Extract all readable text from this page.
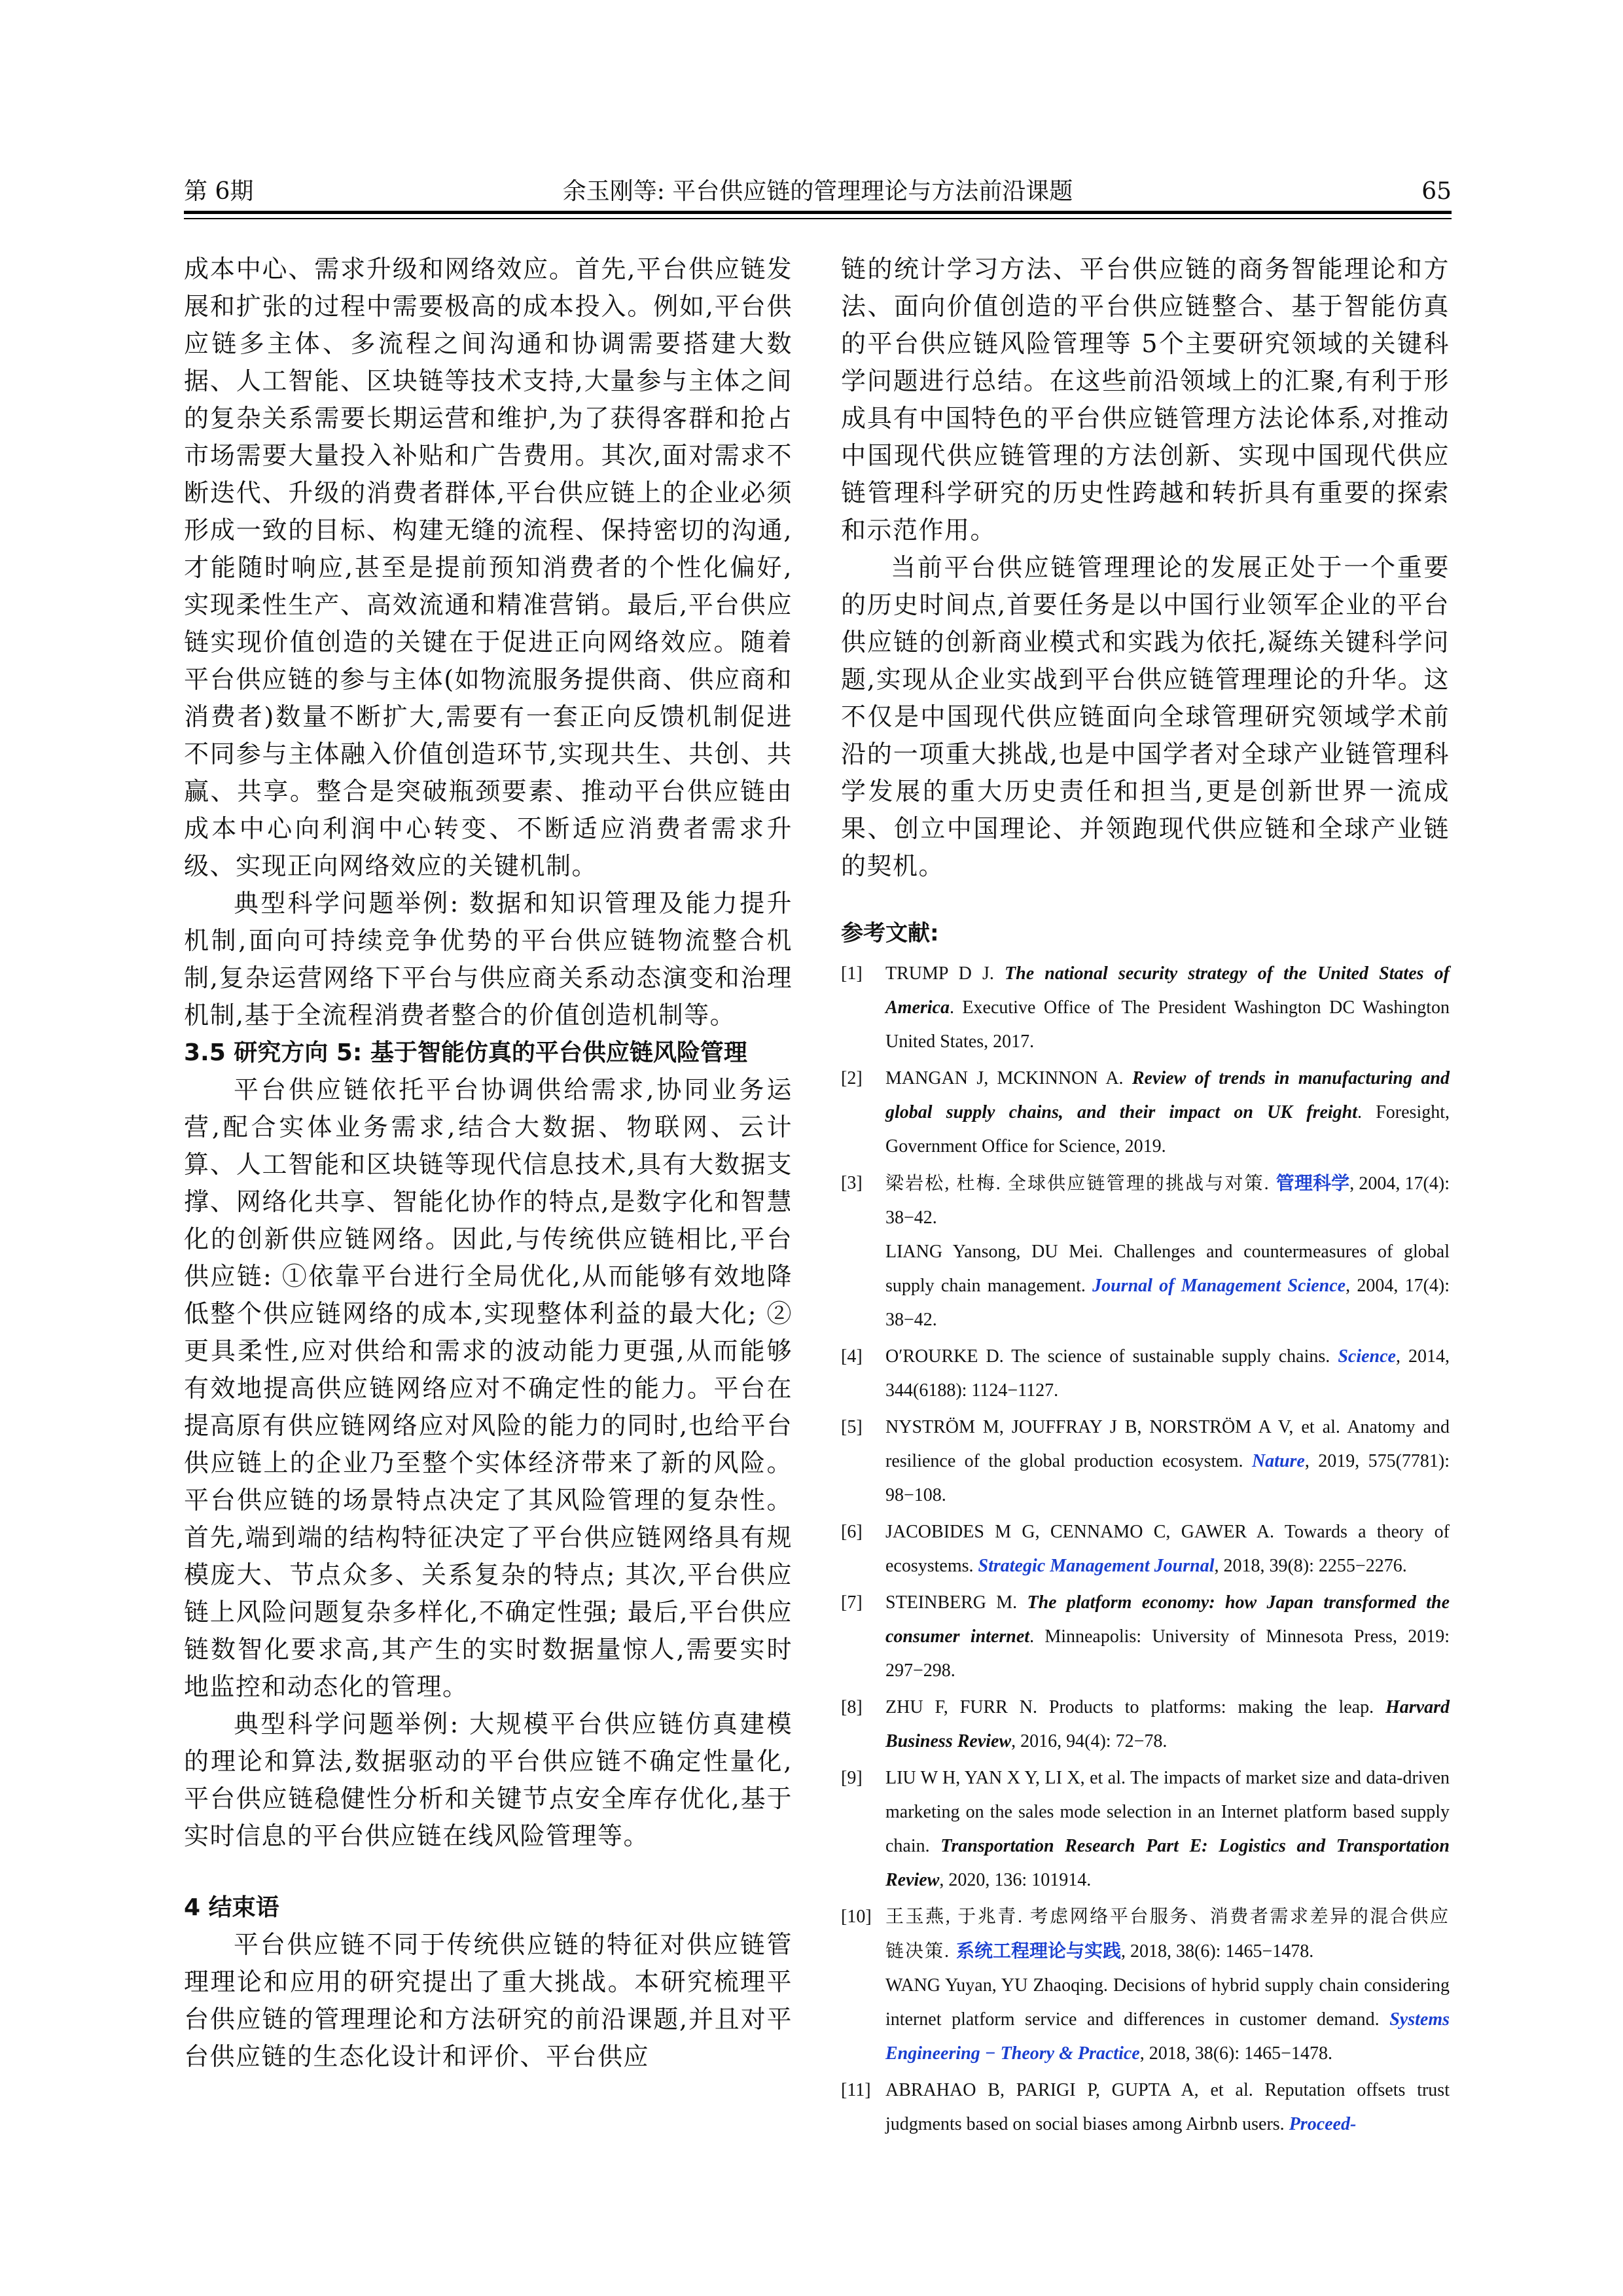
第 6期	余玉刚等: 平台供应链的管理理论与方法前沿课题	65

成本中心、需求升级和网络效应。首先,平台供应链发展和扩张的过程中需要极高的成本投入。例如,平台供应链多主体、多流程之间沟通和协调需要搭建大数据、人工智能、区块链等技术支持,大量参与主体之间的复杂关系需要长期运营和维护,为了获得客群和抢占市场需要大量投入补贴和广告费用。其次,面对需求不断迭代、升级的消费者群体,平台供应链上的企业必须形成一致的目标、构建无缝的流程、保持密切的沟通,才能随时响应,甚至是提前预知消费者的个性化偏好,实现柔性生产、高效流通和精准营销。最后,平台供应链实现价值创造的关键在于促进正向网络效应。随着平台供应链的参与主体(如物流服务提供商、供应商和消费者)数量不断扩大,需要有一套正向反馈机制促进不同参与主体融入价值创造环节,实现共生、共创、共赢、共享。整合是突破瓶颈要素、推动平台供应链由成本中心向利润中心转变、不断适应消费者需求升级、实现正向网络效应的关键机制。

典型科学问题举例: 数据和知识管理及能力提升机制,面向可持续竞争优势的平台供应链物流整合机制,复杂运营网络下平台与供应商关系动态演变和治理机制,基于全流程消费者整合的价值创造机制等。

3.5 研究方向 5: 基于智能仿真的平台供应链风险管理

平台供应链依托平台协调供给需求,协同业务运营,配合实体业务需求,结合大数据、物联网、云计算、人工智能和区块链等现代信息技术,具有大数据支撑、网络化共享、智能化协作的特点,是数字化和智慧化的创新供应链网络。因此,与传统供应链相比,平台供应链: ①依靠平台进行全局优化,从而能够有效地降低整个供应链网络的成本,实现整体利益的最大化; ②更具柔性,应对供给和需求的波动能力更强,从而能够有效地提高供应链网络应对不确定性的能力。平台在提高原有供应链网络应对风险的能力的同时,也给平台供应链上的企业乃至整个实体经济带来了新的风险。平台供应链的场景特点决定了其风险管理的复杂性。首先,端到端的结构特征决定了平台供应链网络具有规模庞大、节点众多、关系复杂的特点; 其次,平台供应链上风险问题复杂多样化,不确定性强; 最后,平台供应链数智化要求高,其产生的实时数据量惊人,需要实时地监控和动态化的管理。

典型科学问题举例: 大规模平台供应链仿真建模的理论和算法,数据驱动的平台供应链不确定性量化,平台供应链稳健性分析和关键节点安全库存优化,基于实时信息的平台供应链在线风险管理等。

4 结束语

平台供应链不同于传统供应链的特征对供应链管理理论和应用的研究提出了重大挑战。本研究梳理平台供应链的管理理论和方法研究的前沿课题,并且对平台供应链的生态化设计和评价、平台供应

链的统计学习方法、平台供应链的商务智能理论和方法、面向价值创造的平台供应链整合、基于智能仿真的平台供应链风险管理等 5个主要研究领域的关键科学问题进行总结。在这些前沿领域上的汇聚,有利于形成具有中国特色的平台供应链管理方法论体系,对推动中国现代供应链管理的方法创新、实现中国现代供应链管理科学研究的历史性跨越和转折具有重要的探索和示范作用。

当前平台供应链管理理论的发展正处于一个重要的历史时间点,首要任务是以中国行业领军企业的平台供应链的创新商业模式和实践为依托,凝练关键科学问题,实现从企业实战到平台供应链管理理论的升华。这不仅是中国现代供应链面向全球管理研究领域学术前沿的一项重大挑战,也是中国学者对全球产业链管理科学发展的重大历史责任和担当,更是创新世界一流成果、创立中国理论、并领跑现代供应链和全球产业链的契机。

参考文献:

[1] TRUMP D J. The national security strategy of the United States of America. Executive Office of The President Washington DC Washington United States, 2017.
[2] MANGAN J, MCKINNON A. Review of trends in manufacturing and global supply chains, and their impact on UK freight. Foresight, Government Office for Science, 2019.
[3] 梁岩松, 杜梅. 全球供应链管理的挑战与对策. 管理科学, 2004, 17(4): 38−42.
LIANG Yansong, DU Mei. Challenges and countermeasures of global supply chain management. Journal of Management Science, 2004, 17(4): 38−42.
[4] O′ROURKE D. The science of sustainable supply chains. Science, 2014, 344(6188): 1124−1127.
[5] NYSTRÖM M, JOUFFRAY J B, NORSTRÖM A V, et al. Anatomy and resilience of the global production ecosystem. Nature, 2019, 575(7781): 98−108.
[6] JACOBIDES M G, CENNAMO C, GAWER A. Towards a theory of ecosystems. Strategic Management Journal, 2018, 39(8): 2255−2276.
[7] STEINBERG M. The platform economy: how Japan transformed the consumer internet. Minneapolis: University of Minnesota Press, 2019: 297−298.
[8] ZHU F, FURR N. Products to platforms: making the leap. Harvard Business Review, 2016, 94(4): 72−78.
[9] LIU W H, YAN X Y, LI X, et al. The impacts of market size and data-driven marketing on the sales mode selection in an Internet platform based supply chain. Transportation Research Part E: Logistics and Transportation Review, 2020, 136: 101914.
[10] 王玉燕, 于兆青. 考虑网络平台服务、消费者需求差异的混合供应链决策. 系统工程理论与实践, 2018, 38(6): 1465−1478.
WANG Yuyan, YU Zhaoqing. Decisions of hybrid supply chain considering internet platform service and differences in customer demand. Systems Engineering − Theory & Practice, 2018, 38(6): 1465−1478.
[11] ABRAHAO B, PARIGI P, GUPTA A, et al. Reputation offsets trust judgments based on social biases among Airbnb users. Proceed-
